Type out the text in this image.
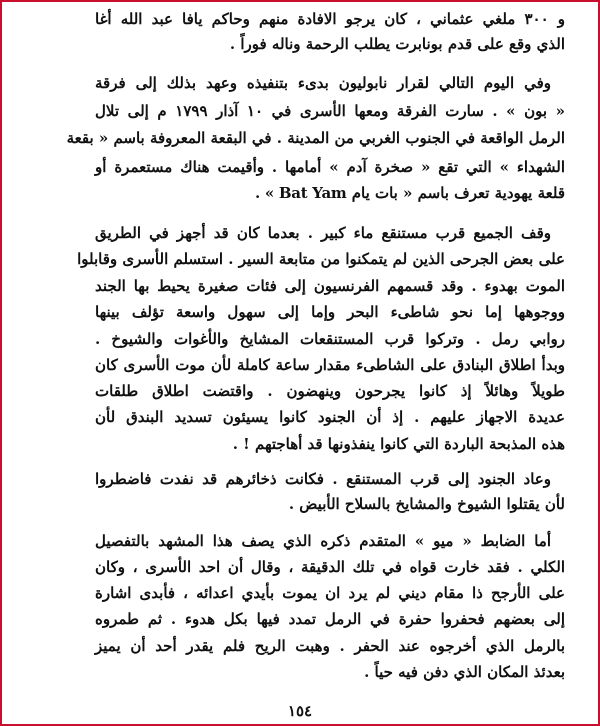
و ٣٠٠ ملغي عثماني ، كان يرجو الافادة منهم وحاكم يافا عبد الله أغا
الذي وقع على قدم بونابرت يطلب الرحمة وناله فوراً .
وفي اليوم التالي لقرار نابوليون بدىء بتنفيذه وعهد بذلك إلى فرقة
« بون » . سارت الفرقة ومعها الأسرى في ١٠ آذار ١٧٩٩ م إلى تلال
الرمل الواقعة في الجنوب الغربي من المدينة . في البقعة المعروفة باسم « بقعة
الشهداء » التي تقع « صخرة آدم » أمامها . وأقيمت هناك مستعمرة أو
قلعة يهودية تعرف باسم « بات يام Bat Yam » .
وقف الجميع قرب مستنقع ماء كبير . بعدما كان قد أجهز في الطريق
على بعض الجرحى الذين لم يتمكنوا من متابعة السير . استسلم الأسرى وقابلوا
الموت بهدوء . وقد قسمهم الفرنسيون إلى فئات صغيرة يحيط بها الجند
ووجوهها إما نحو شاطىء البحر وإما إلى سهول واسعة تؤلف بينها
روابي رمل . وتركوا قرب المستنقعات المشايخ والأغوات والشيوخ .
وبدأ اطلاق البنادق على الشاطىء مقدار ساعة كاملة لأن موت الأسرى كان
طويلاً وهائلاً إذ كانوا يجرحون وينهضون . واقتضت اطلاق طلقات
عديدة الاجهاز عليهم . إذ أن الجنود كانوا يسيئون تسديد البندق لأن
هذه المذبحة الباردة التي كانوا ينفذونها قد أهاجتهم ! .
وعاد الجنود إلى قرب المستنقع . فكانت ذخائرهم قد نفدت فاضطروا
لأن يقتلوا الشيوخ والمشايخ بالسلاح الأبيض .
أما الضابط « ميو » المتقدم ذكره الذي يصف هذا المشهد بالتفصيل
الكلي . فقد خارت قواه في تلك الدقيقة ، وقال أن احد الأسرى ، وكان
على الأرجح ذا مقام ديني لم يرد ان يموت بأيدي اعدائه ، فأبدى اشارة
إلى بعضهم فحفروا حفرة في الرمل تمدد فيها بكل هدوء . ثم طمروه
بالرمل الذي أخرجوه عند الحفر . وهبت الريح فلم يقدر أحد أن يميز
بعدئذ المكان الذي دفن فيه حياً .
١٥٤
